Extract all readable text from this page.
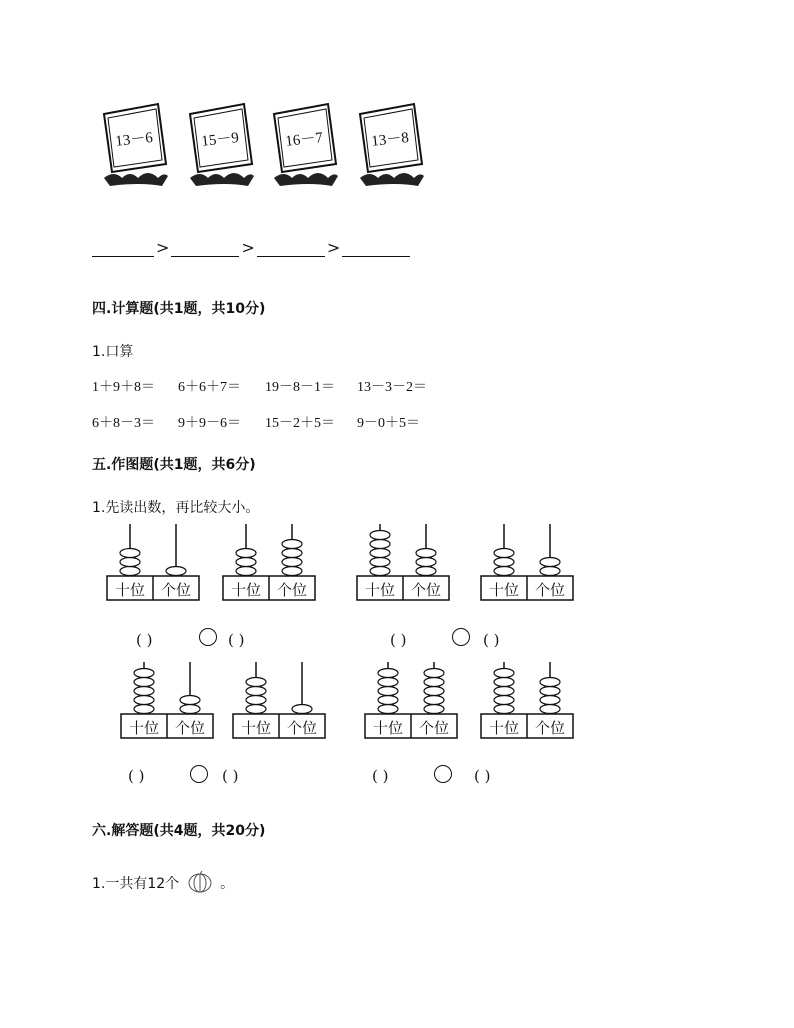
13－6	15－9	16－7	13－8
>	>	>
四.计算题(共1题，共10分)
1.口算
1＋9＋8＝	6＋6＋7＝	19－8－1＝	13－3－2＝
6＋8－3＝	9＋9－6＝	15－2＋5＝	9－0＋5＝
五.作图题(共1题，共6分)
1.先读出数，再比较大小。
十位	个位	十位	个位	十位	个位	十位	个位
十位	个位	十位	个位	十位	个位	十位	个位
( )	( )	( )	( )
( )	( )	( )	( )
六.解答题(共4题，共20分)
1.一共有12个	。
